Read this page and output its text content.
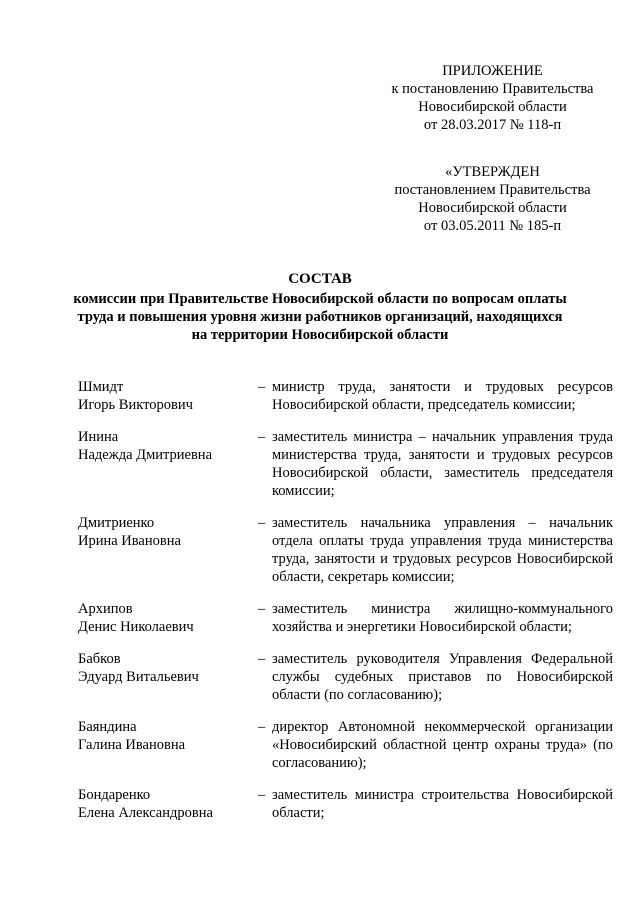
ПРИЛОЖЕНИЕ
к постановлению Правительства
Новосибирской области
от 28.03.2017 № 118-п
«УТВЕРЖДЕН
постановлением Правительства
Новосибирской области
от 03.05.2011 № 185-п
СОСТАВ
комиссии при Правительстве Новосибирской области по вопросам оплаты
труда и повышения уровня жизни работников организаций, находящихся
на территории Новосибирской области
Шмидт
Игорь Викторович
– министр труда, занятости и трудовых ресурсов Новосибирской области, председатель комиссии;
Инина
Надежда Дмитриевна
– заместитель министра – начальник управления труда министерства труда, занятости и трудовых ресурсов Новосибирской области, заместитель председателя комиссии;
Дмитриенко
Ирина Ивановна
– заместитель начальника управления – начальник отдела оплаты труда управления труда министерства труда, занятости и трудовых ресурсов Новосибирской области, секретарь комиссии;
Архипов
Денис Николаевич
– заместитель министра жилищно-коммунального хозяйства и энергетики Новосибирской области;
Бабков
Эдуард Витальевич
– заместитель руководителя Управления Федеральной службы судебных приставов по Новосибирской области (по согласованию);
Баяндина
Галина Ивановна
– директор Автономной некоммерческой организации «Новосибирский областной центр охраны труда» (по согласованию);
Бондаренко
Елена Александровна
– заместитель министра строительства Новосибирской области;
